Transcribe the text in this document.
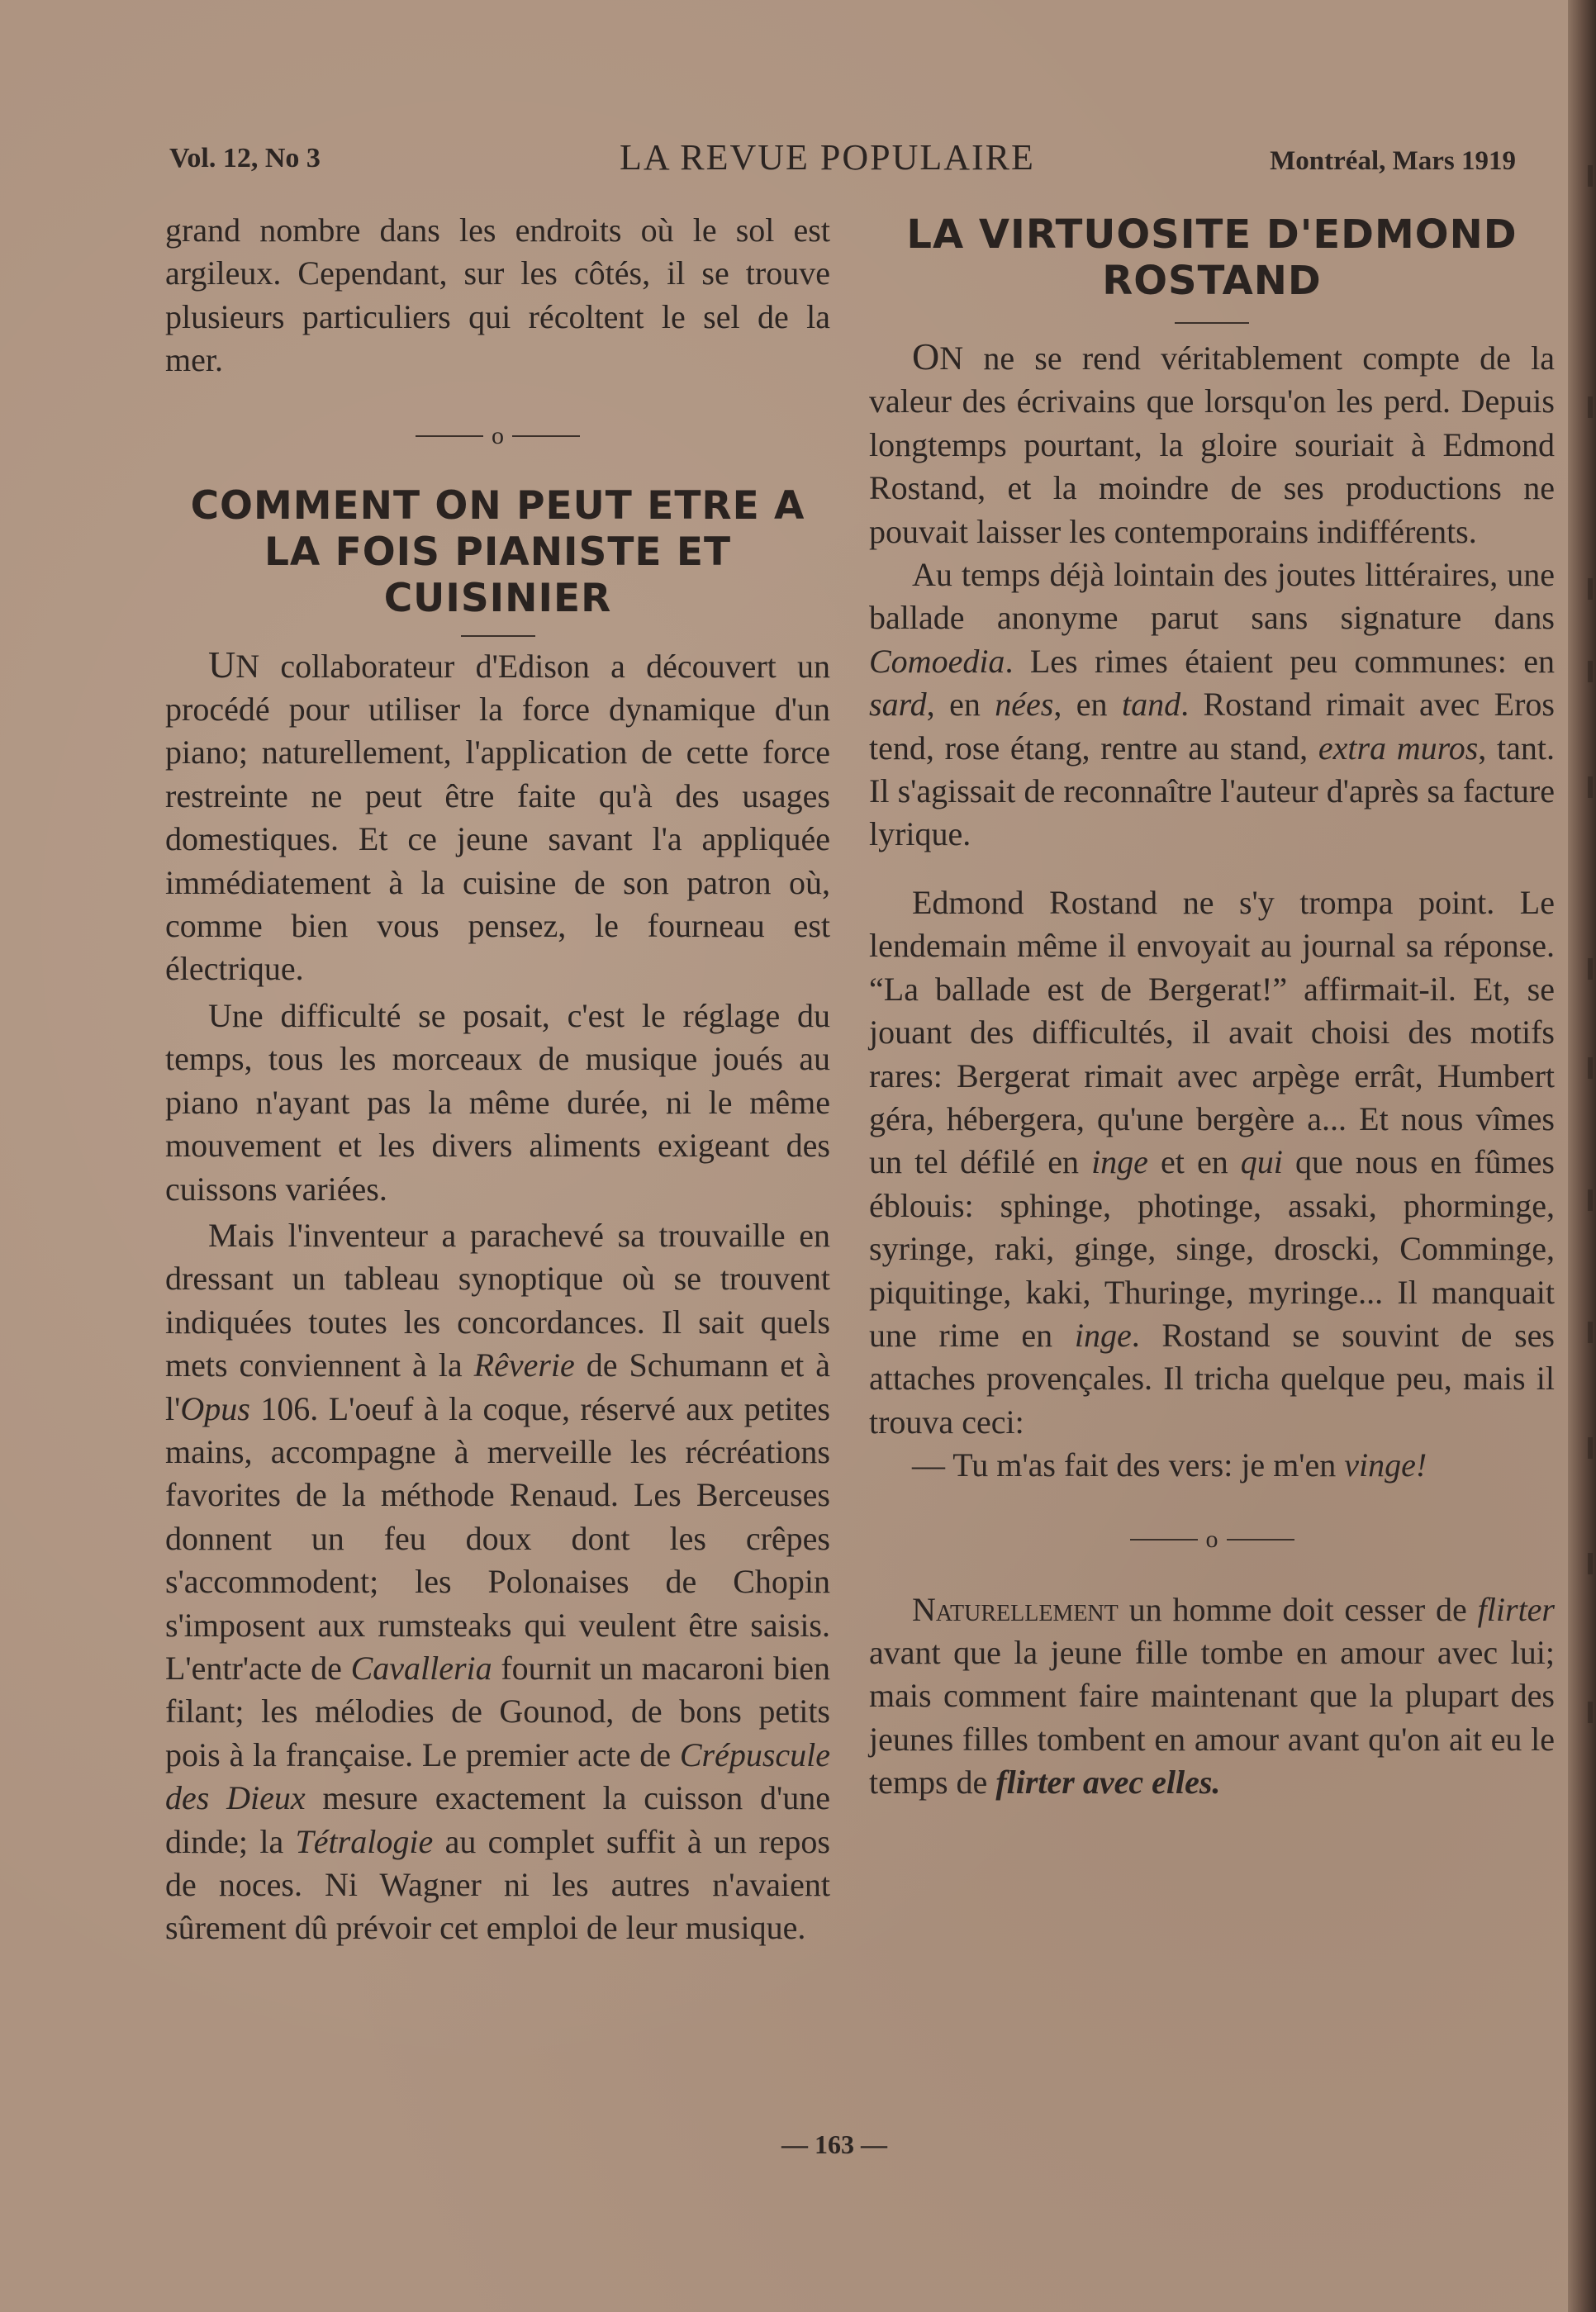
Vol. 12, No 3	LA REVUE POPULAIRE	Montréal, Mars 1919

grand nombre dans les endroits où le sol est argileux. Cependant, sur les côtés, il se trouve plusieurs particuliers qui récoltent le sel de la mer.

o
COMMENT ON PEUT ETRE A LA FOIS PIANISTE ET CUISINIER

UN collaborateur d'Edison a découvert un procédé pour utiliser la force dynamique d'un piano; naturellement, l'application de cette force restreinte ne peut être faite qu'à des usages domestiques. Et ce jeune savant l'a appliquée immédiatement à la cuisine de son patron où, comme bien vous pensez, le fourneau est électrique.

Une difficulté se posait, c'est le réglage du temps, tous les morceaux de musique joués au piano n'ayant pas la même durée, ni le même mouvement et les divers aliments exigeant des cuissons variées.

Mais l'inventeur a parachevé sa trouvaille en dressant un tableau synoptique où se trouvent indiquées toutes les concordances. Il sait quels mets conviennent à la Rêverie de Schumann et à l'Opus 106. L'oeuf à la coque, réservé aux petites mains, accompagne à merveille les récréations favorites de la méthode Renaud. Les Berceuses donnent un feu doux dont les crêpes s'accommodent; les Polonaises de Chopin s'imposent aux rumsteaks qui veulent être saisis. L'entr'acte de Cavalleria fournit un macaroni bien filant; les mélodies de Gounod, de bons petits pois à la française. Le premier acte de Crépuscule des Dieux mesure exactement la cuisson d'une dinde; la Tétralogie au complet suffit à un repos de noces. Ni Wagner ni les autres n'avaient sûrement dû prévoir cet emploi de leur musique.

LA VIRTUOSITE D'EDMOND ROSTAND

ON ne se rend véritablement compte de la valeur des écrivains que lorsqu'on les perd. Depuis longtemps pourtant, la gloire souriait à Edmond Rostand, et la moindre de ses productions ne pouvait laisser les contemporains indifférents.

Au temps déjà lointain des joutes littéraires, une ballade anonyme parut sans signature dans Comoedia. Les rimes étaient peu communes: en sard, en nées, en tand. Rostand rimait avec Eros tend, rose étang, rentre au stand, extra muros, tant. Il s'agissait de reconnaître l'auteur d'après sa facture lyrique.

Edmond Rostand ne s'y trompa point. Le lendemain même il envoyait au journal sa réponse. “La ballade est de Bergerat!” affirmait-il. Et, se jouant des difficultés, il avait choisi des motifs rares: Bergerat rimait avec arpège errât, Humbert géra, hébergera, qu'une bergère a... Et nous vîmes un tel défilé en inge et en qui que nous en fûmes éblouis: sphinge, photinge, assaki, phorminge, syringe, raki, ginge, singe, droscki, Comminge, piquitinge, kaki, Thuringe, myringe... Il manquait une rime en inge. Rostand se souvint de ses attaches provençales. Il tricha quelque peu, mais il trouva ceci:

— Tu m'as fait des vers: je m'en vinge!

o

Naturellement un homme doit cesser de flirter avant que la jeune fille tombe en amour avec lui; mais comment faire maintenant que la plupart des jeunes filles tombent en amour avant qu'on ait eu le temps de flirter avec elles.

— 163 —
